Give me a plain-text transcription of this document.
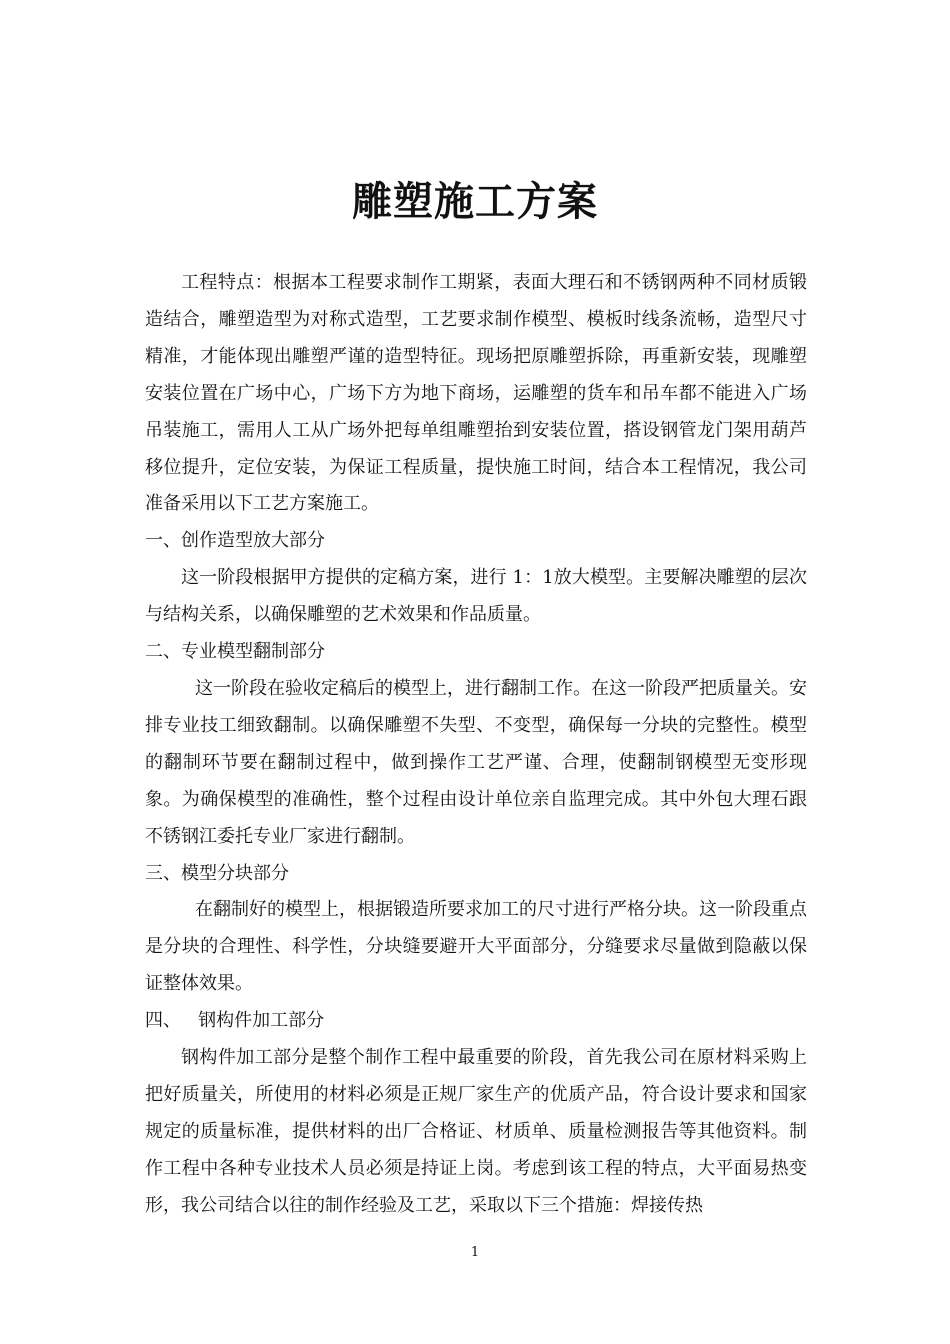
雕塑施工方案

工程特点：根据本工程要求制作工期紧，表面大理石和不锈钢两种不同材质锻造结合，雕塑造型为对称式造型，工艺要求制作模型、模板时线条流畅，造型尺寸精准，才能体现出雕塑严谨的造型特征。现场把原雕塑拆除，再重新安装，现雕塑安装位置在广场中心，广场下方为地下商场，运雕塑的货车和吊车都不能进入广场吊装施工，需用人工从广场外把每单组雕塑抬到安装位置，搭设钢管龙门架用葫芦移位提升，定位安装，为保证工程质量，提快施工时间，结合本工程情况，我公司准备采用以下工艺方案施工。

一、创作造型放大部分

这一阶段根据甲方提供的定稿方案，进行 1：1放大模型。主要解决雕塑的层次与结构关系，以确保雕塑的艺术效果和作品质量。

二、专业模型翻制部分

这一阶段在验收定稿后的模型上，进行翻制工作。在这一阶段严把质量关。安排专业技工细致翻制。以确保雕塑不失型、不变型，确保每一分块的完整性。模型的翻制环节要在翻制过程中，做到操作工艺严谨、合理，使翻制钢模型无变形现象。为确保模型的准确性，整个过程由设计单位亲自监理完成。其中外包大理石跟不锈钢江委托专业厂家进行翻制。

三、模型分块部分

在翻制好的模型上，根据锻造所要求加工的尺寸进行严格分块。这一阶段重点是分块的合理性、科学性，分块缝要避开大平面部分，分缝要求尽量做到隐蔽以保证整体效果。

四、   钢构件加工部分

钢构件加工部分是整个制作工程中最重要的阶段，首先我公司在原材料采购上把好质量关，所使用的材料必须是正规厂家生产的优质产品，符合设计要求和国家规定的质量标准，提供材料的出厂合格证、材质单、质量检测报告等其他资料。制作工程中各种专业技术人员必须是持证上岗。考虑到该工程的特点，大平面易热变形，我公司结合以往的制作经验及工艺，采取以下三个措施：焊接传热

1
